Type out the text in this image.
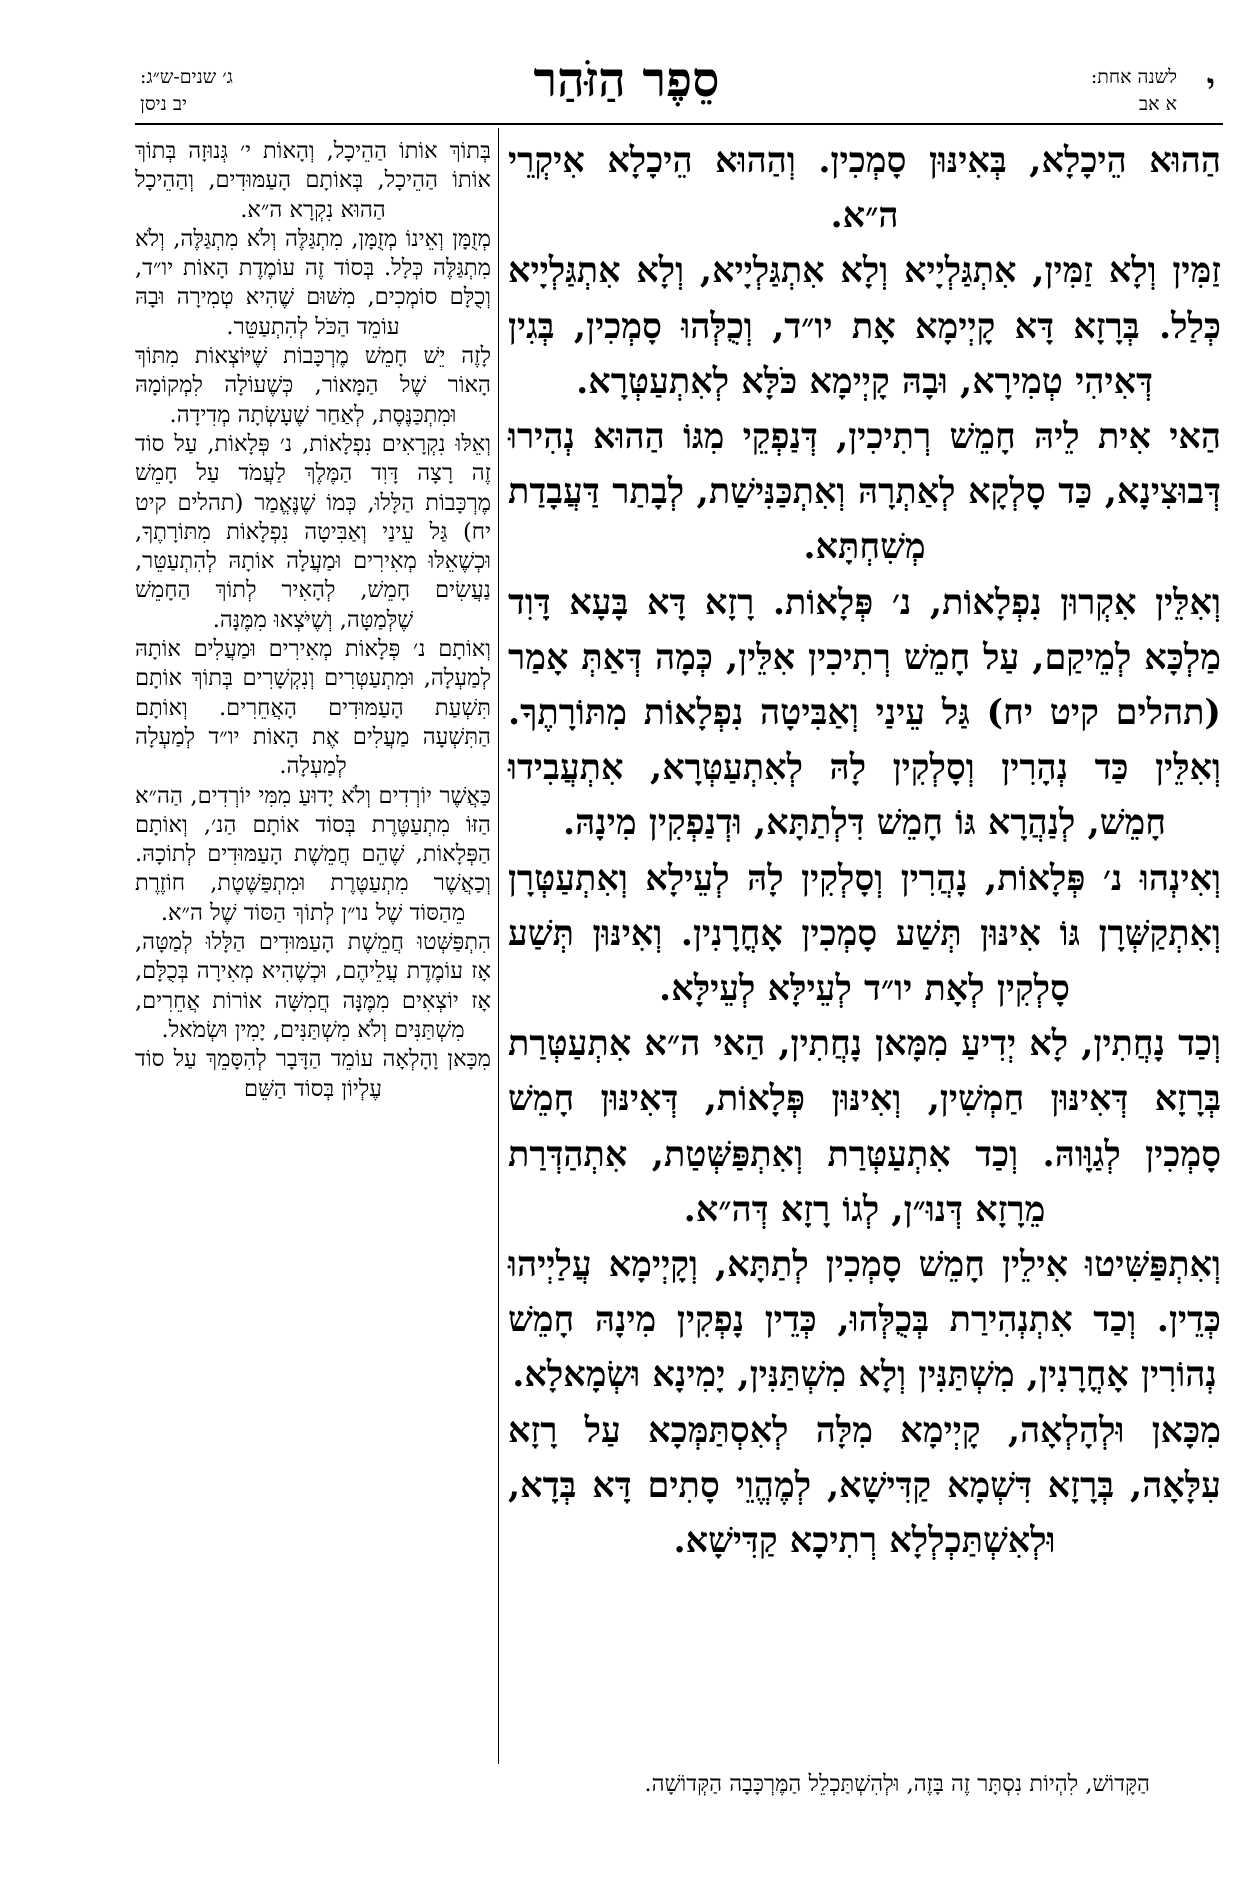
י
לשנה אחת:
א אב
סֵפֶר הַזֹּהַר
ג׳ שנים-ש״ג:
יב ניסן

הַהוּא הֵיכָלָא, בְּאִינּוּן סָמְכִין. וְהַהוּא הֵיכָלָא אִיקְרֵי ה״א.

זַמִּין וְלָא זַמִּין, אִתְגַּלְיָיא וְלָא אִתְגַּלְיָיא, וְלָא אִתְגַּלְיָיא כְּלַל. בְּרָזָא דָּא קָיְימָא אָת יו״ד, וְכֻלְּהוּ סָמְכִין, בְּגִין דְּאִיהִי טְמִירָא, וּבָהּ קָיְימָא כֹּלָּא לְאִתְעַטְּרָא.

הַאי אִית לֵיהּ חָמֵשׁ רְתִיכִין, דְּנַפְקֵי מִגּוֹ הַהוּא נְהִירוּ דְּבוּצִינָא, כַּד סָלְקָא לְאַתְרָהּ וְאִתְכַּנִּישַׁת, לְבָתַר דַּעֲבָדַת מְשִׁחְתָּא.

וְאִלֵּין אִקְרוּן נִפְלָאוֹת, נ׳ פְּלָאוֹת. רָזָא דָּא בָּעָא דָּוִד מַלְכָּא לְמֵיקַם, עַל חָמֵשׁ רְתִיכִין אִלֵּין, כְּמָה דְּאַתְּ אָמַר (תהלים קיט יח) גַּל עֵינַי וְאַבִּיטָה נִפְלָאוֹת מִתּוֹרָתֶךָ. וְאִלֵּין כַּד נְהָרִין וְסָלְקִין לָהּ לְאִתְעַטְּרָא, אִתְעֲבִידוּ חָמֵשׁ, לְנַהֲרָא גּוֹ חָמֵשׁ דִּלְתַתָּא, וּדְנַפְקִין מִינָהּ.

וְאִינְהוּ נ׳ פְּלָאוֹת, נָהֲרִין וְסָלְקִין לָהּ לְעֵילָא וְאִתְעַטְּרָן וְאִתְקַשְּׁרָן גּוֹ אִינּוּן תְּשַׁע סָמְכִין אָחֳרָנִין. וְאִינּוּן תְּשַׁע סָלְקִין לְאָת יו״ד לְעֵילָּא לְעֵילָּא.

וְכַד נָחֲתִין, לָא יְדִיעַ מִמָּאן נָחֲתִין, הַאי ה״א אִתְעַטְּרַת בְּרָזָא דְּאִינּוּן חַמְשִׁין, וְאִינּוּן פְּלָאוֹת, דְּאִינּוּן חָמֵשׁ סָמְכִין לְגַוָּוהּ. וְכַד אִתְעַטְּרַת וְאִתְפַּשְּׁטַת, אִתְהַדְּרַת מֵרָזָא דְּנוּ״ן, לְגוֹ רָזָא דְּה״א.

וְאִתְפַּשִּׁיטוּ אִילֵין חָמֵשׁ סָמְכִין לְתַתָּא, וְקָיְימָא עֲלַיְיהוּ כְּדֵין. וְכַד אִתְנְהִירַת בְּכֻלְּהוּ, כְּדֵין נָפְקִין מִינָהּ חָמֵשׁ נְהוֹרִין אָחֳרָנִין, מִשְׁתַּנִּין וְלָא מִשְׁתַּנִּין, יָמִינָא וּשְׂמָאלָא.

מִכָּאן וּלְהָלְאָה, קָיְימָא מִלָּה לְאִסְתַּמְּכָא עַל רָזָא עִלָּאָה, בְּרָזָא דִּשְׁמָא קַדִּישָׁא, לְמֶהֱוֵי סָתִים דָּא בְּדָא, וּלְאִשְׁתַּכְלְלָא רְתִיכָא קַדִּישָׁא.

בְּתוֹךְ אוֹתוֹ הַהֵיכָל, וְהָאוֹת י׳ גְּנוּזָה בְּתוֹךְ אוֹתוֹ הַהֵיכָל, בְּאוֹתָם הָעַמּוּדִים, וְהַהֵיכָל הַהוּא נִקְרָא ה״א.

מְזֻמָּן וְאֵינוֹ מְזֻמָּן, מִתְגַּלֶּה וְלֹא מִתְגַּלֶּה, וְלֹא מִתְגַּלֶּה כְּלָל. בְּסוֹד זֶה עוֹמֶדֶת הָאוֹת יו״ד, וְכֻלָּם סוֹמְכִים, מִשּׁוּם שֶׁהִיא טְמִירָה וּבָהּ עוֹמֵד הַכֹּל לְהִתְעַטֵּר.

לָזֶה יֵשׁ חָמֵשׁ מֶרְכָּבוֹת שֶׁיּוֹצְאוֹת מִתּוֹךְ הָאוֹר שֶׁל הַמָּאוֹר, כְּשֶׁעוֹלָה לִמְקוֹמָהּ וּמִתְכַּנֶּסֶת, לְאַחַר שֶׁעָשְׂתָה מְדִידָה.

וְאֵלּוּ נִקְרָאִים נִפְלָאוֹת, נ׳ פְּלָאוֹת, עַל סוֹד זֶה רָצָה דָּוִד הַמֶּלֶךְ לַעֲמֹד עַל חָמֵשׁ מֶרְכָּבוֹת הַלָּלוּ, כְּמוֹ שֶׁנֶּאֱמַר (תהלים קיט יח) גַּל עֵינַי וְאַבִּיטָה נִפְלָאוֹת מִתּוֹרָתֶךָ, וּכְשֶׁאֵלּוּ מְאִירִים וּמַעֲלָה אוֹתָהּ לְהִתְעַטֵּר, נַעֲשִׂים חָמֵשׁ, לְהָאִיר לְתוֹךְ הַחָמֵשׁ שֶׁלְּמַטָּה, וְשֶׁיֹּצְאוּ מִמֶּנָּה.

וְאוֹתָם נ׳ פְּלָאוֹת מְאִירִים וּמַעֲלִים אוֹתָהּ לְמַעְלָה, וּמִתְעַטְּרִים וְנִקְשָׁרִים בְּתוֹךְ אוֹתָם תִּשְׁעַת הָעַמּוּדִים הָאֲחֵרִים. וְאוֹתָם הַתִּשְׁעָה מַעֲלִים אֶת הָאוֹת יו״ד לְמַעְלָה לְמַעְלָה.

כַּאֲשֶׁר יוֹרְדִים וְלֹא יָדוּעַ מִמִּי יוֹרְדִים, הַה״א הַזּוֹ מִתְעַטֶּרֶת בְּסוֹד אוֹתָם הַנ׳, וְאוֹתָם הַפְּלָאוֹת, שֶׁהֵם חֲמֵשֶׁת הָעַמּוּדִים לְתוֹכָהּ. וְכַאֲשֶׁר מִתְעַטֶּרֶת וּמִתְפַּשֶּׁטֶת, חוֹזֶרֶת מֵהַסּוֹד שֶׁל נו״ן לְתוֹךְ הַסּוֹד שֶׁל ה״א.

הִתְפַּשְּׁטוּ חֲמֵשֶׁת הָעַמּוּדִים הַלָּלוּ לְמַטָּה, אָז עוֹמֶדֶת עֲלֵיהֶם, וּכְשֶׁהִיא מְאִירָה בְּכֻלָּם, אָז יוֹצְאִים מִמֶּנָּה חֲמִשָּׁה אוֹרוֹת אֲחֵרִים, מִשְׁתַּנִּים וְלֹא מִשְׁתַּנִּים, יָמִין וּשְׂמֹאל.

מִכָּאן וָהָלְאָה עוֹמֵד הַדָּבָר לְהִסָּמֵךְ עַל סוֹד עֶלְיוֹן בְּסוֹד הַשֵּׁם

הַקָּדוֹשׁ, לִהְיוֹת נִסְתָּר זֶה בָּזֶה, וּלְהִשְׁתַּכְלֵל הַמֶּרְכָּבָה הַקְּדוֹשָׁה.
